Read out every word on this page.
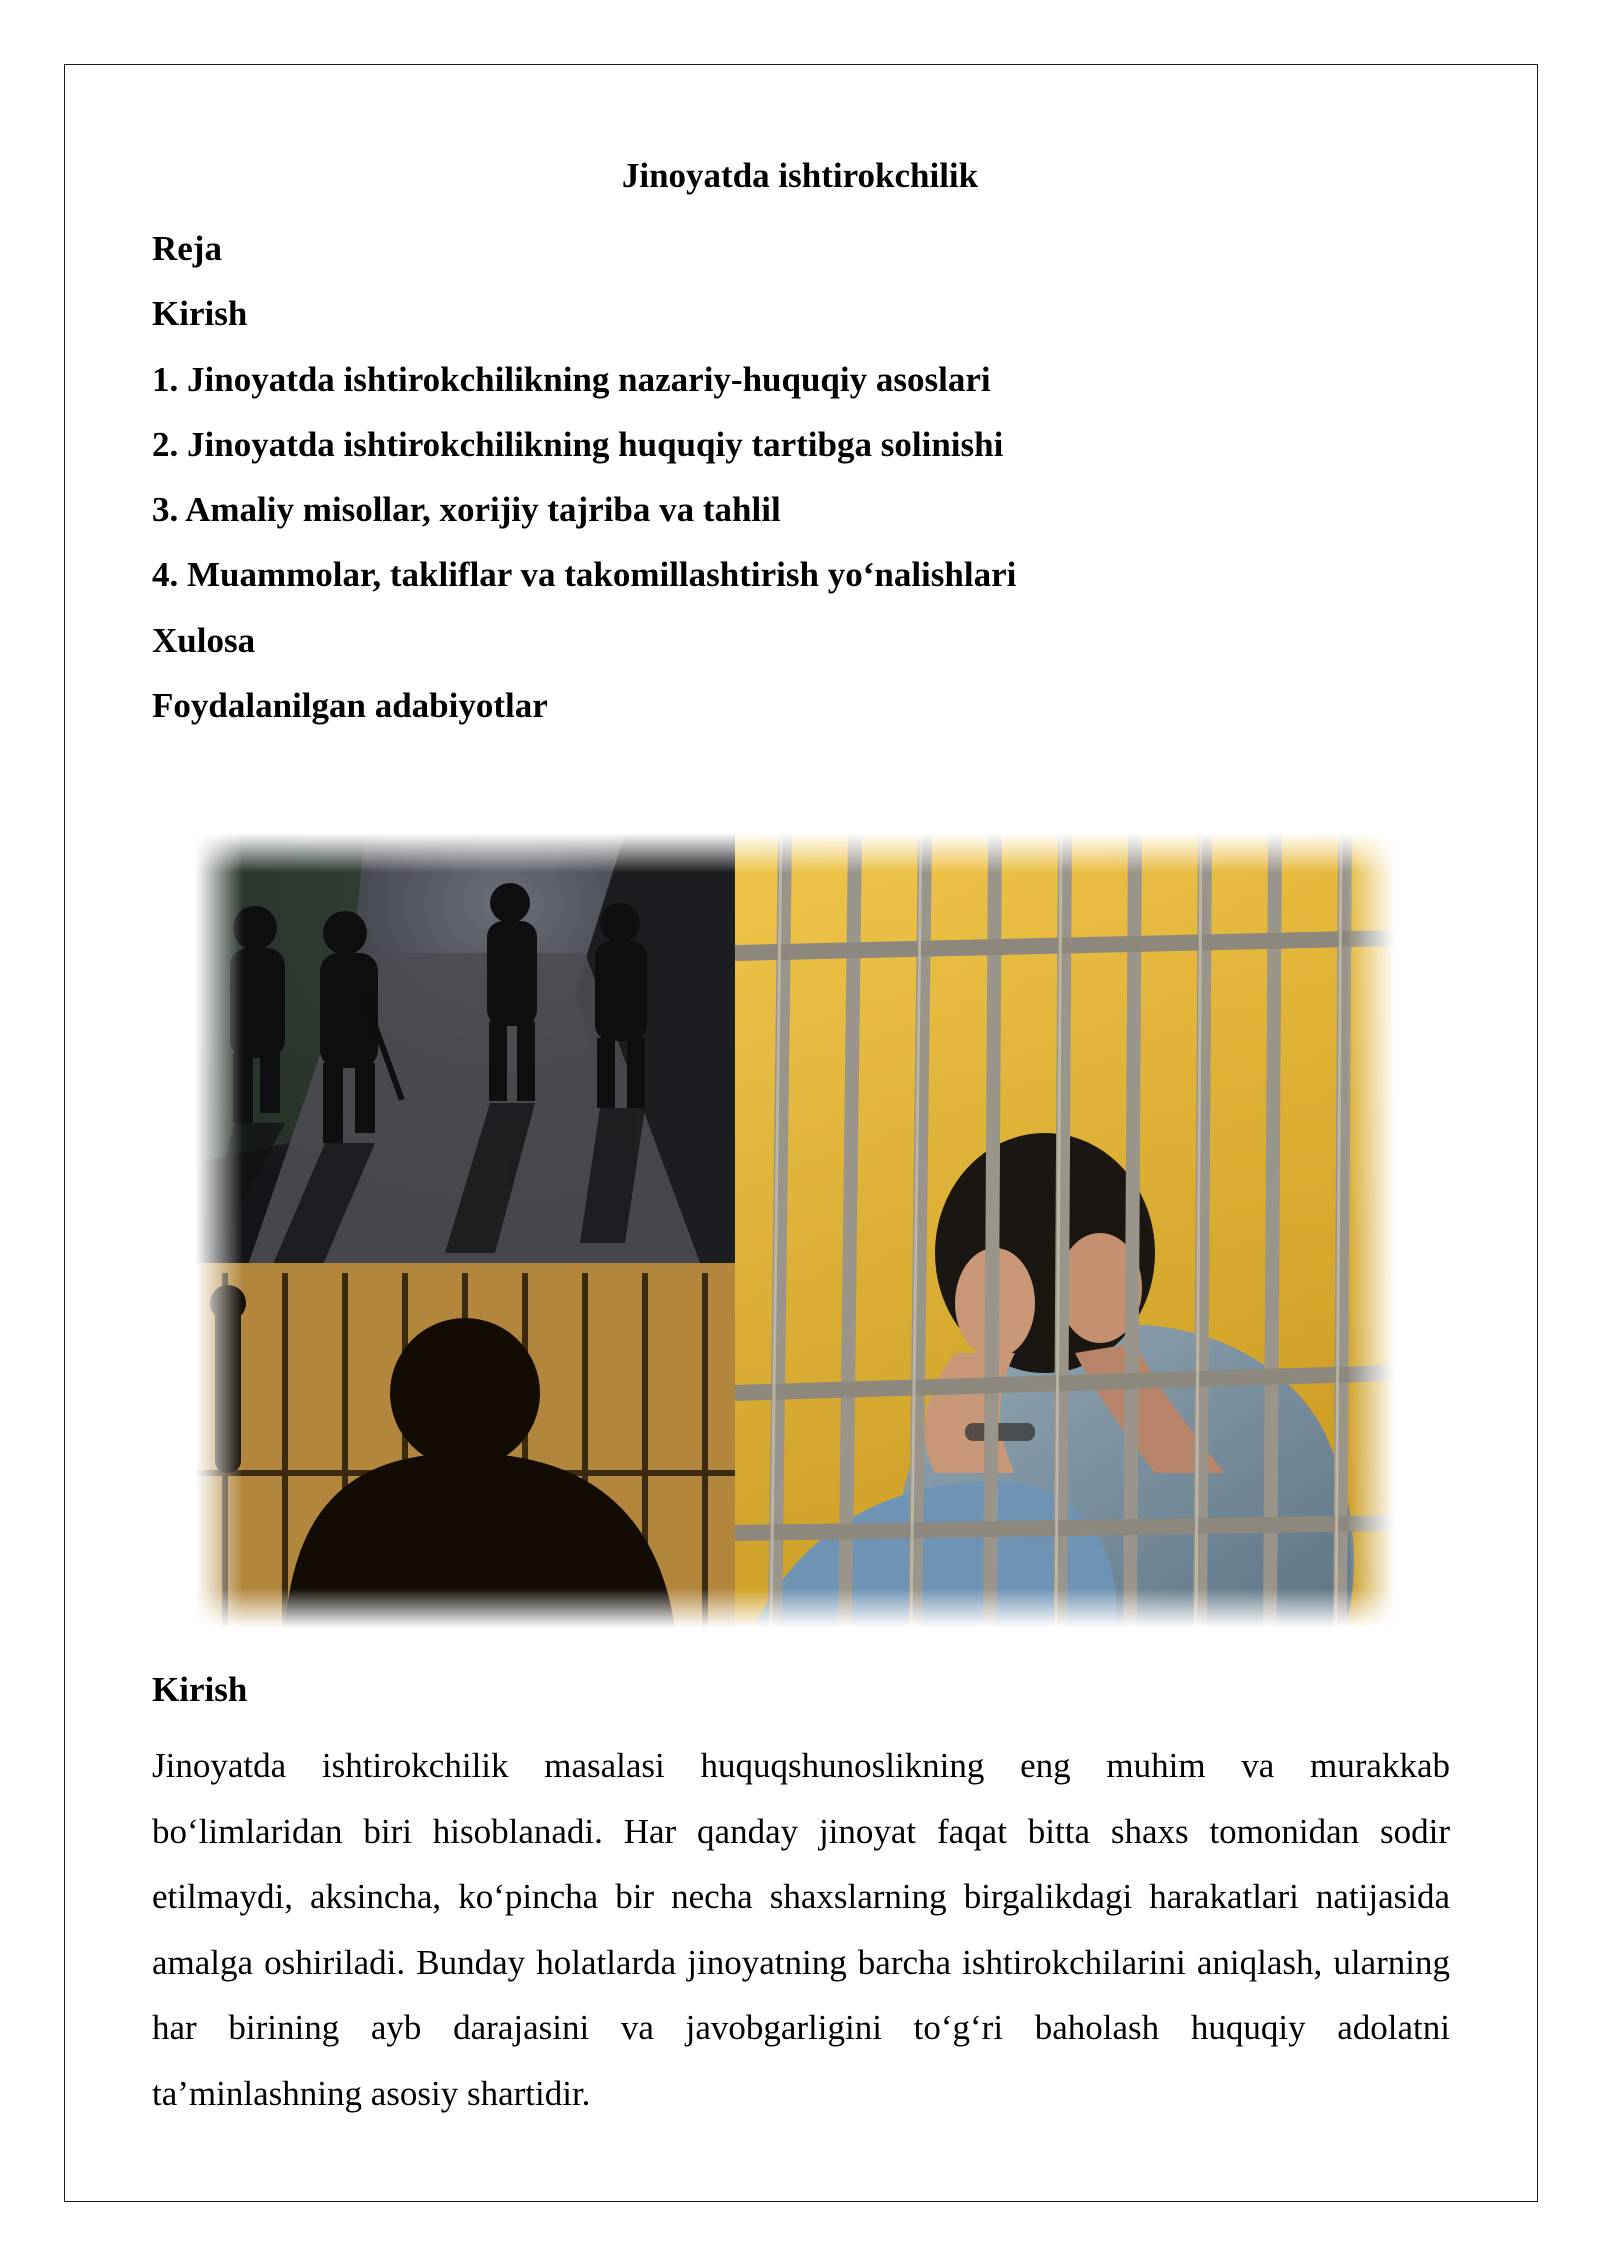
Jinoyatda ishtirokchilik
Reja
Kirish
1. Jinoyatda ishtirokchilikning nazariy-huquqiy asoslari
2. Jinoyatda ishtirokchilikning huquqiy tartibga solinishi
3. Amaliy misollar, xorijiy tajriba va tahlil
4. Muammolar, takliflar va takomillashtirish yo‘nalishlari
Xulosa
Foydalanilgan adabiyotlar
Kirish
Jinoyatda ishtirokchilik masalasi huquqshunoslikning eng muhim va murakkab bo‘limlaridan biri hisoblanadi. Har qanday jinoyat faqat bitta shaxs tomonidan sodir etilmaydi, aksincha, ko‘pincha bir necha shaxslarning birgalikdagi harakatlari natijasida amalga oshiriladi. Bunday holatlarda jinoyatning barcha ishtirokchilarini aniqlash, ularning har birining ayb darajasini va javobgarligini to‘g‘ri baholash huquqiy adolatni ta’minlashning asosiy shartidir.
